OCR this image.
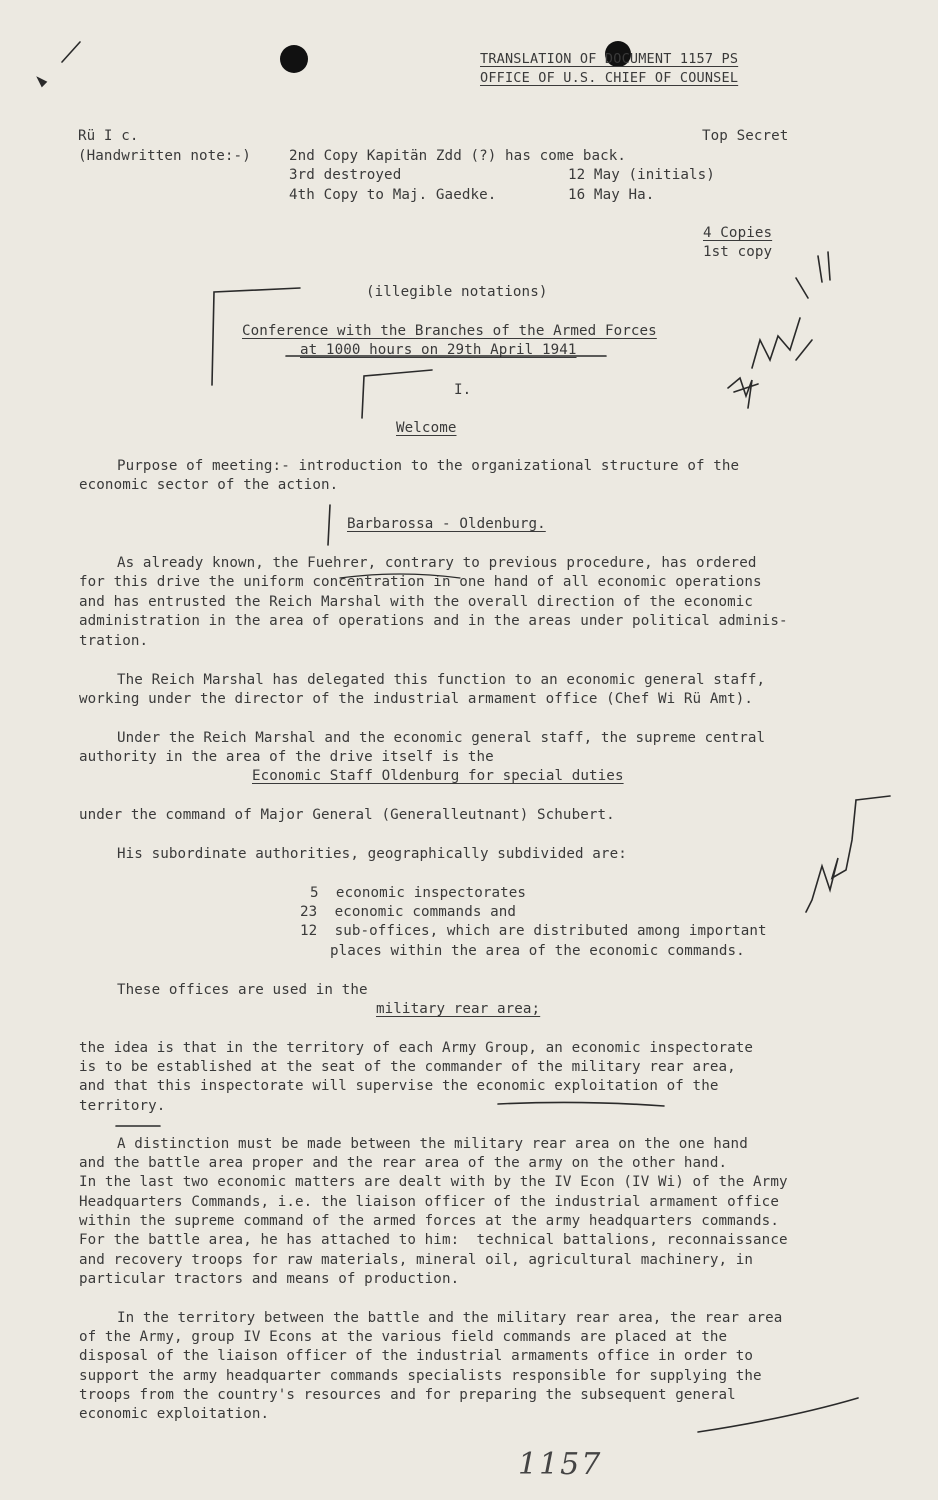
TRANSLATION OF DOCUMENT 1157 PS
OFFICE OF U.S. CHIEF OF COUNSEL
Rü I c.	Top Secret
(Handwritten note:-)	2nd Copy Kapitän Zdd (?) has come back.
3rd destroyed	12 May (initials)
4th Copy to Maj. Gaedke.	16 May Ha.
4 Copies
1st copy
(illegible notations)
Conference with the Branches of the Armed Forces
at 1000 hours on 29th April 1941
I.
Welcome
Purpose of meeting:- introduction to the organizational structure of the
economic sector of the action.
Barbarossa - Oldenburg.
As already known, the Fuehrer, contrary to previous procedure, has ordered
for this drive the uniform concentration in one hand of all economic operations
and has entrusted the Reich Marshal with the overall direction of the economic
administration in the area of operations and in the areas under political adminis-
tration.
The Reich Marshal has delegated this function to an economic general staff,
working under the director of the industrial armament office (Chef Wi Rü Amt).
Under the Reich Marshal and the economic general staff, the supreme central
authority in the area of the drive itself is the
Economic Staff Oldenburg for special duties
under the command of Major General (Generalleutnant) Schubert.
His subordinate authorities, geographically subdivided are:
5  economic inspectorates
23  economic commands and
12  sub-offices, which are distributed among important
places within the area of the economic commands.
These offices are used in the
military rear area;
the idea is that in the territory of each Army Group, an economic inspectorate
is to be established at the seat of the commander of the military rear area,
and that this inspectorate will supervise the economic exploitation of the
territory.
A distinction must be made between the military rear area on the one hand
and the battle area proper and the rear area of the army on the other hand.
In the last two economic matters are dealt with by the IV Econ (IV Wi) of the Army
Headquarters Commands, i.e. the liaison officer of the industrial armament office
within the supreme command of the armed forces at the army headquarters commands.
For the battle area, he has attached to him:  technical battalions, reconnaissance
and recovery troops for raw materials, mineral oil, agricultural machinery, in
particular tractors and means of production.
In the territory between the battle and the military rear area, the rear area
of the Army, group IV Econs at the various field commands are placed at the
disposal of the liaison officer of the industrial armaments office in order to
support the army headquarter commands specialists responsible for supplying the
troops from the country's resources and for preparing the subsequent general
economic exploitation.
1157
